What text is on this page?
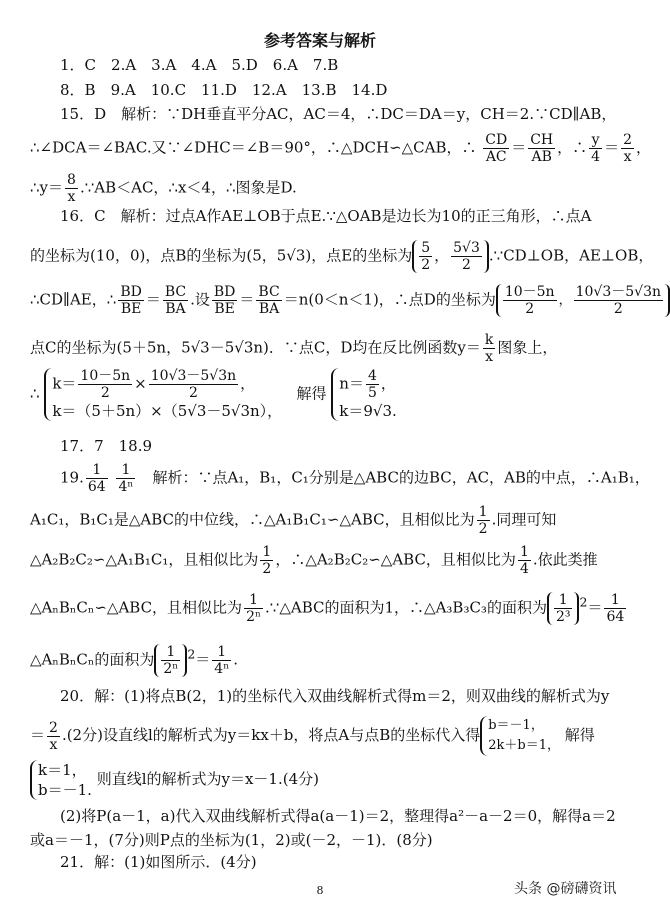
参考答案与解析
1．C　2.A　3.A　4.A　5.D　6.A　7.B
8．B　9.A　10.C　11.D　12.A　13.B　14.D
15．D　解析：∵DH垂直平分AC，AC＝4，∴DC＝DA＝y，CH＝2.∵CD∥AB，
∴∠DCA＝∠BAC.又∵∠DHC＝∠B＝90°，∴△DCH∽△CAB，∴ $\frac{CD}{AC} = \frac{CH}{AB}$ ，∴ $\frac{y}{4} = \frac{2}{x}$ ，
∴y＝ $\frac{8}{x}$ .∵AB＜AC，∴x＜4，∴图象是D.
16．C　解析：过点A作AE⊥OB于点E.∵△OAB是边长为10的正三角形，∴点A
的坐标为(10，0)，点B的坐标为(5，5√3)，点E的坐标为 $\frac{5}{2}$ ， $\frac{5√3}{2}$ .∵CD⊥OB，AE⊥OB，
∴CD∥AE，∴ $\frac{BD}{BE} = \frac{BC}{BA}$ .设 $\frac{BD}{BE} = \frac{BC}{BA} =n(0<n<1)$，∴点D的坐标为 $\frac{10-5n}{2}$ ， $\frac{10√3-5√3n}{2}$
点C的坐标为(5＋5n，5√3－5√3n)．∵点C，D均在反比例函数$y= \frac{k}{x}$ 图象上，
∴
$k= \frac{10-5n}{2} \times \frac{10√3-5√3n}{2}$ ，
k＝（5＋5n）×（5√3－5√3n），
解得
$n= \frac{4}{5}$ ，
k＝9√3.
17．7　18.9
19. $\frac{1}{64}$
$\frac{1}{\text{4ⁿ}}$ 　解析：∵点A₁，B₁，C₁分别是△ABC的边BC，AC，AB的中点，∴A₁B₁，
A₁C₁，B₁C₁是△ABC的中位线，∴△A₁B₁C₁∽△ABC，且相似比为 $\frac{1}{2}$ .同理可知
△A₂B₂C₂∽△A₁B₁C₁，且相似比为 $\frac{1}{2}$ ，∴△A₂B₂C₂∽△ABC，且相似比为 $\frac{1}{4}$ .依此类推
△AₙBₙCₙ∽△ABC，且相似比为 $\frac{1}{\text{2ⁿ}}$ .∵△ABC的面积为1，∴△A₃B₃C₃的面积为 $\frac{1}{\text{2³}} ^2= \frac{1}{64}$
△AₙBₙCₙ的面积为 $\frac{1}{\text{2ⁿ}} ^2= \frac{1}{\text{4ⁿ}}$ .
20．解：(1)将点B(2，1)的坐标代入双曲线解析式得m＝2，则双曲线的解析式为y
＝ $\frac{2}{x} .(2$分)设直线l的解析式为y＝kx＋b，将点A与点B的坐标代入得
b＝－1，
2k＋b＝1，
解得
k＝1，
b＝－1.
则直线l的解析式为y＝x－1.(4分)
(2)将P(a－1，a)代入双曲线解析式得a(a－1)＝2，整理得a²－a－2＝0，解得a＝2
或a＝－1，(7分)则P点的坐标为(1，2)或(－2，－1)．(8分)
21．解：(1)如图所示．(4分)
8	头条 @磅礴资讯
